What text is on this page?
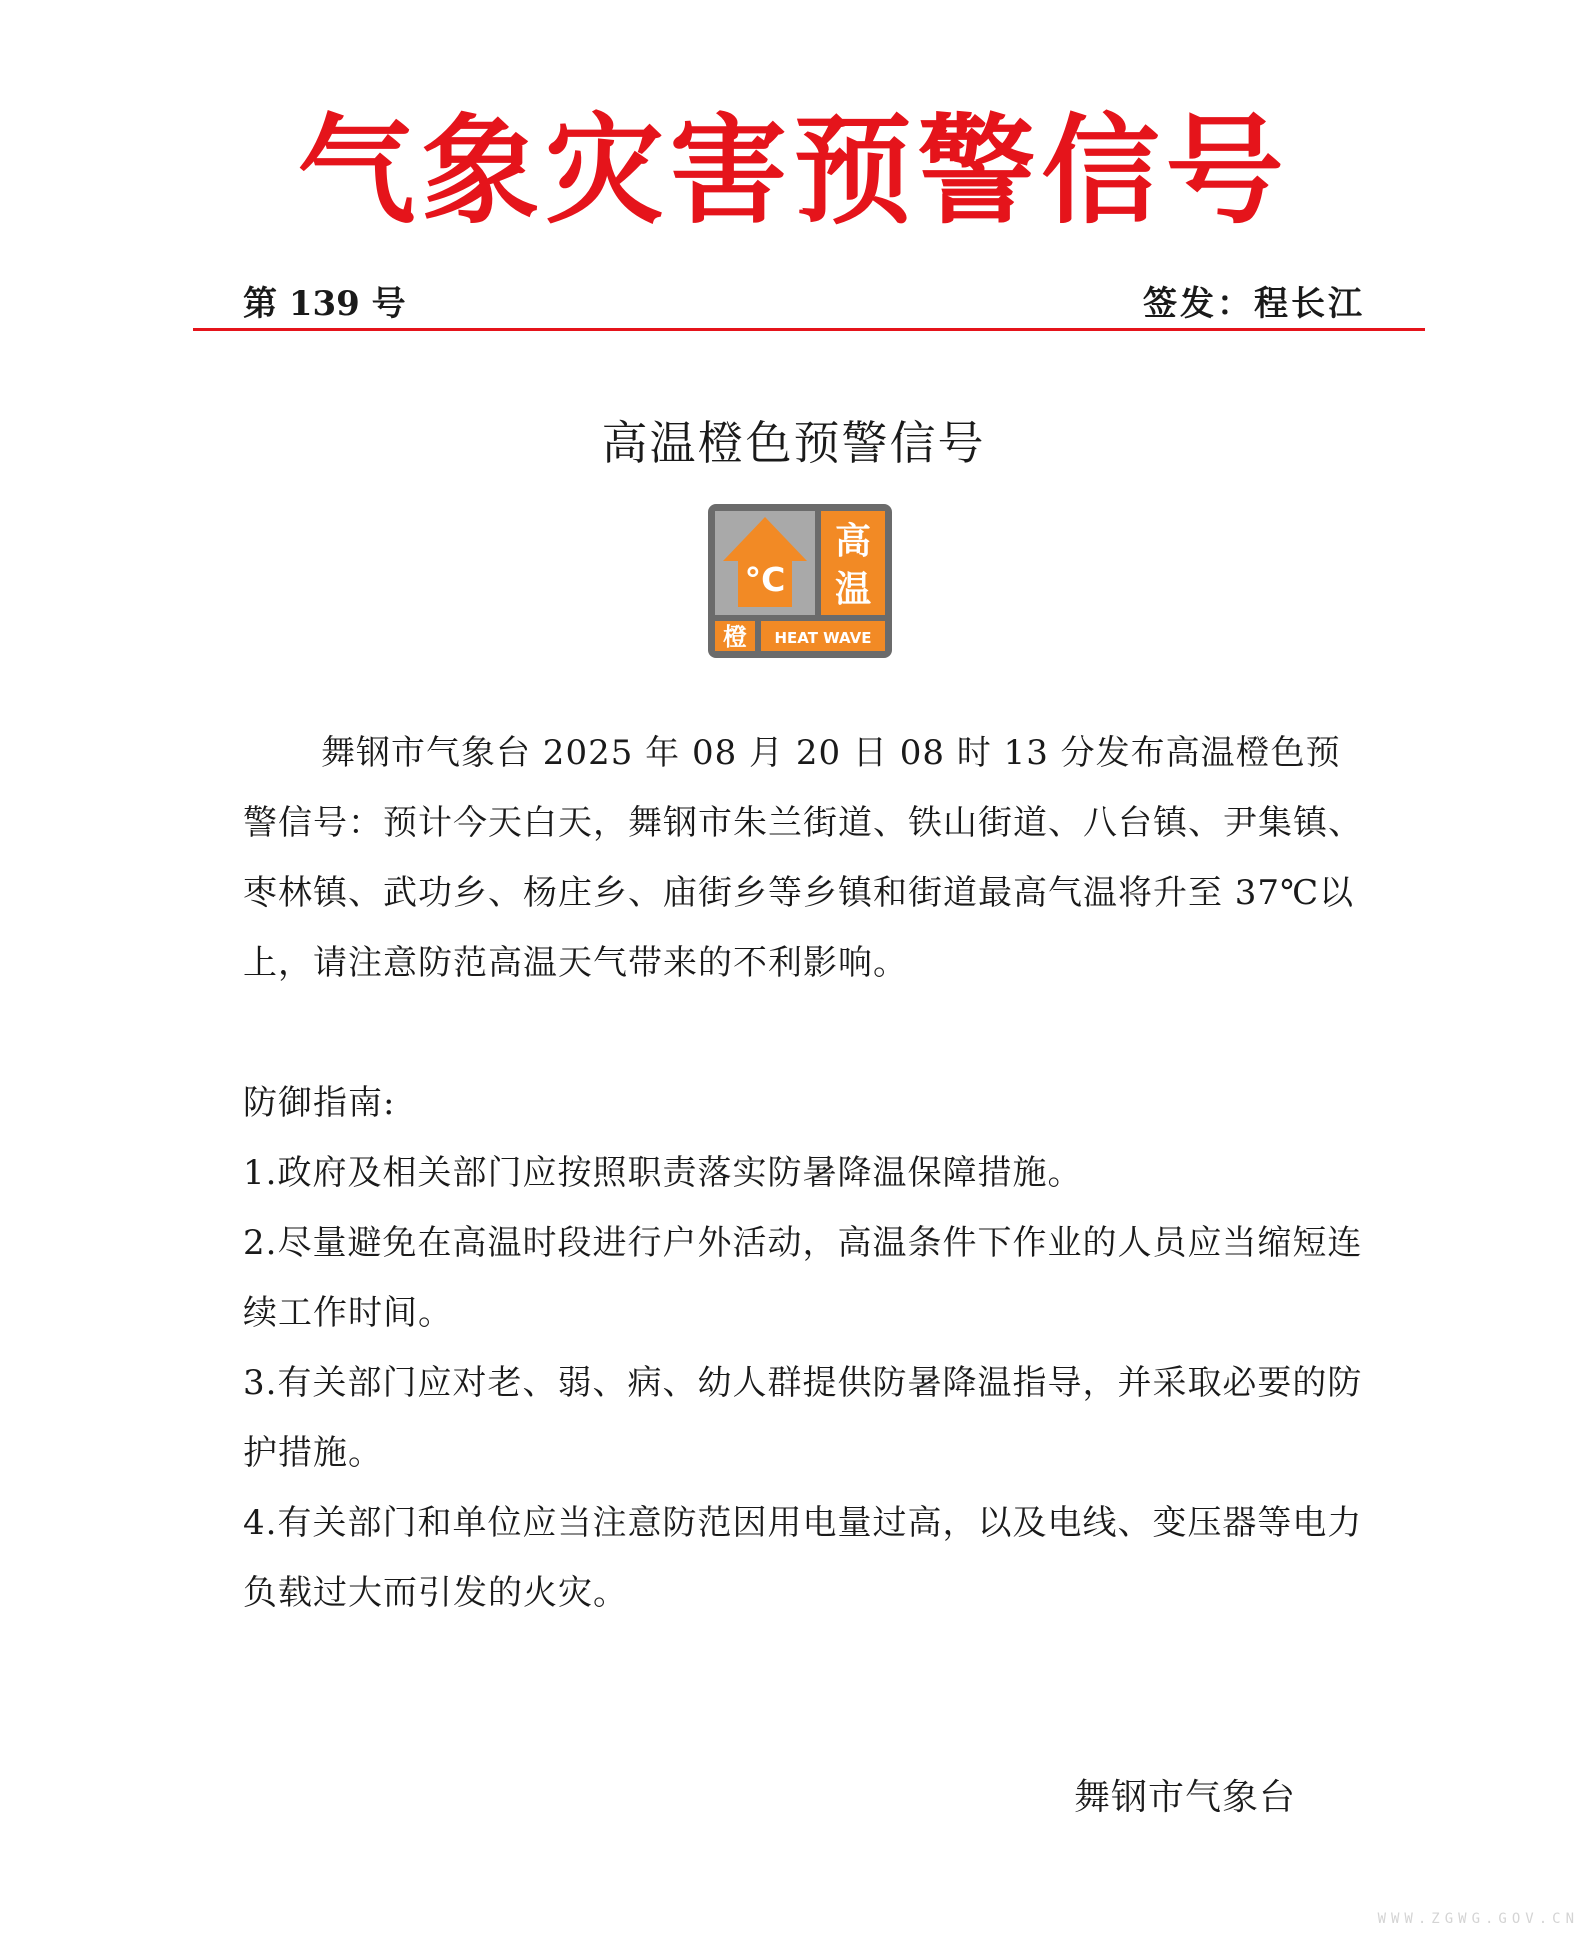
气象灾害预警信号
第 139 号	签发：程长江
高温橙色预警信号
°C
高
温
橙 HEAT WAVE
舞钢市气象台 2025 年 08 月 20 日 08 时 13 分发布高温橙色预警信号：预计今天白天，舞钢市朱兰街道、铁山街道、八台镇、尹集镇、枣林镇、武功乡、杨庄乡、庙街乡等乡镇和街道最高气温将升至 37℃以上，请注意防范高温天气带来的不利影响。

防御指南:

1.政府及相关部门应按照职责落实防暑降温保障措施。

2.尽量避免在高温时段进行户外活动，高温条件下作业的人员应当缩短连续工作时间。

3.有关部门应对老、弱、病、幼人群提供防暑降温指导，并采取必要的防护措施。

4.有关部门和单位应当注意防范因用电量过高，以及电线、变压器等电力负载过大而引发的火灾。

舞钢市气象台
WWW.ZGWG.GOV.CN
